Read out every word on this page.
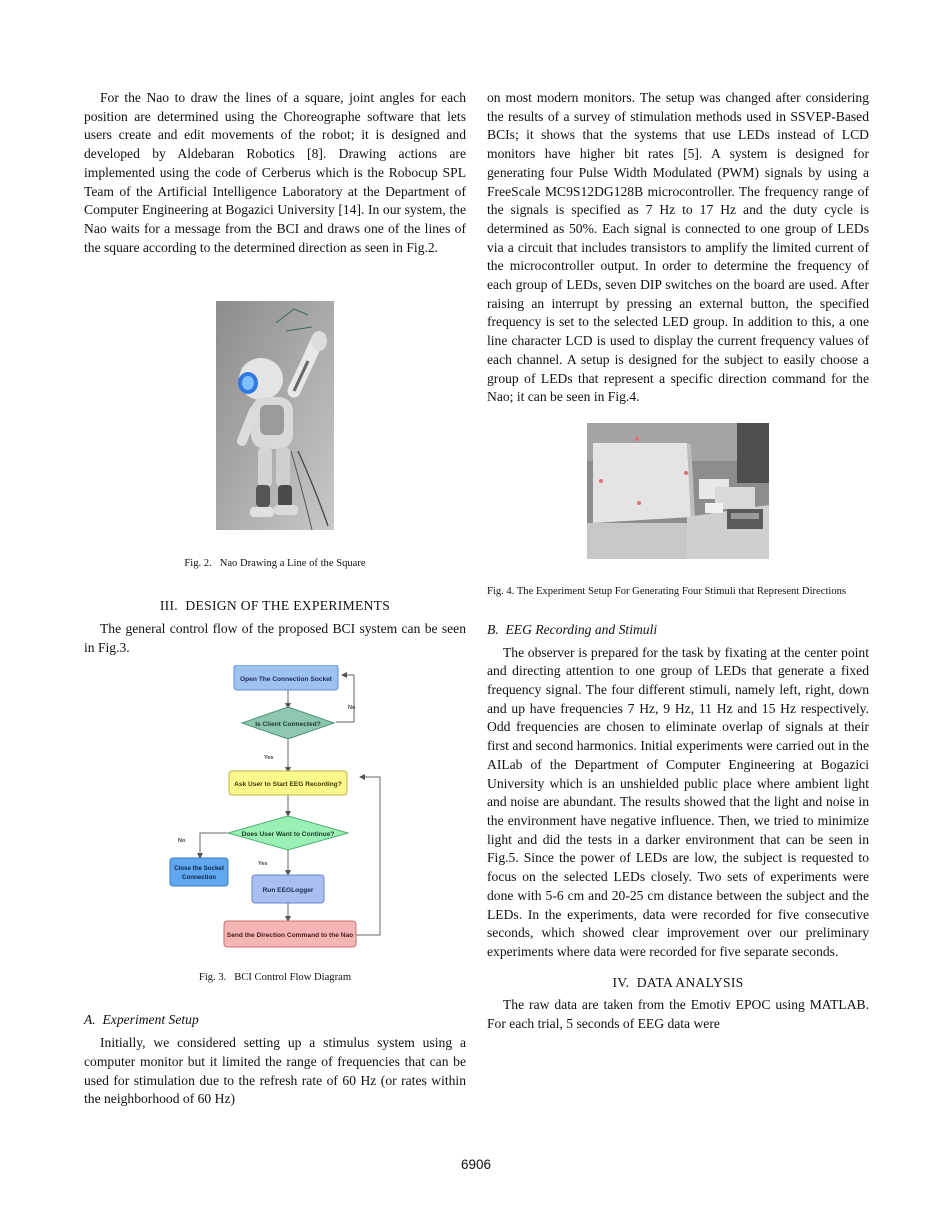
For the Nao to draw the lines of a square, joint angles for each position are determined using the Choreographe software that lets users create and edit movements of the robot; it is designed and developed by Aldebaran Robotics [8]. Drawing actions are implemented using the code of Cerberus which is the Robocup SPL Team of the Artificial Intelligence Laboratory at the Department of Computer Engineering at Bogazici University [14]. In our system, the Nao waits for a message from the BCI and draws one of the lines of the square according to the determined direction as seen in Fig.2.

Fig. 2.   Nao Drawing a Line of the Square
III.  DESIGN OF THE EXPERIMENTS

The general control flow of the proposed BCI system can be seen in Fig.3.

Open The Connection Socket
Is Client Connected?
No
Yes
Ask User to Start EEG Recording?
Does User Want to Continue?
No
Yes
Close the Socket
Connection
Run EEGLogger
Send the Direction Command to the Nao
Fig. 3.   BCI Control Flow Diagram
A.  Experiment Setup

Initially, we considered setting up a stimulus system using a computer monitor but it limited the range of frequencies that can be used for stimulation due to the refresh rate of 60 Hz (or rates within the neighborhood of 60 Hz)

on most modern monitors. The setup was changed after considering the results of a survey of stimulation methods used in SSVEP-Based BCIs; it shows that the systems that use LEDs instead of LCD monitors have higher bit rates [5]. A system is designed for generating four Pulse Width Modulated (PWM) signals by using a FreeScale MC9S12DG128B microcontroller. The frequency range of the signals is specified as 7 Hz to 17 Hz and the duty cycle is determined as 50%. Each signal is connected to one group of LEDs via a circuit that includes transistors to amplify the limited current of the microcontroller output. In order to determine the frequency of each group of LEDs, seven DIP switches on the board are used. After raising an interrupt by pressing an external button, the specified frequency is set to the selected LED group. In addition to this, a one line character LCD is used to display the current frequency values of each channel. A setup is designed for the subject to easily choose a group of LEDs that represent a specific direction command for the Nao; it can be seen in Fig.4.

Fig. 4. The Experiment Setup For Generating Four Stimuli that Represent Directions
B.  EEG Recording and Stimuli

The observer is prepared for the task by fixating at the center point and directing attention to one group of LEDs that generate a fixed frequency signal. The four different stimuli, namely left, right, down and up have frequencies 7 Hz, 9 Hz, 11 Hz and 15 Hz respectively. Odd frequencies are chosen to eliminate overlap of signals at their first and second harmonics. Initial experiments were carried out in the AILab of the Department of Computer Engineering at Bogazici University which is an unshielded public place where ambient light and noise are abundant. The results showed that the light and noise in the environment have negative influence. Then, we tried to minimize light and did the tests in a darker environment that can be seen in Fig.5. Since the power of LEDs are low, the subject is requested to focus on the selected LEDs closely. Two sets of experiments were done with 5-6 cm and 20-25 cm distance between the subject and the LEDs. In the experiments, data were recorded for five consecutive seconds, which showed clear improvement over our preliminary experiments where data were recorded for five separate seconds.

IV.  DATA ANALYSIS

The raw data are taken from the Emotiv EPOC using MATLAB. For each trial, 5 seconds of EEG data were

6906
